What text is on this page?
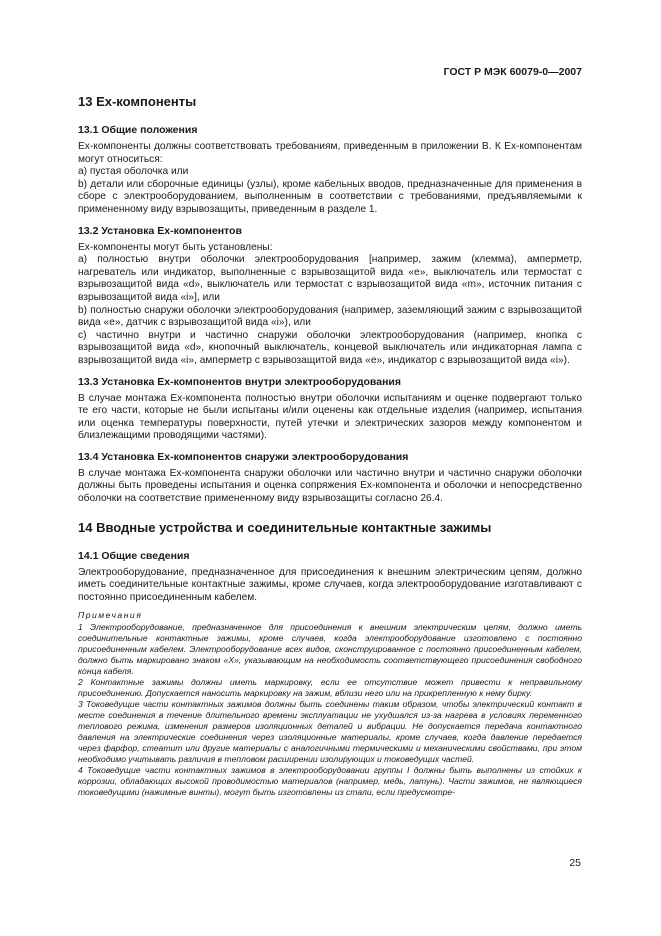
ГОСТ Р МЭК 60079-0—2007
13 Ех-компоненты
13.1 Общие положения

Ех-компоненты должны соответствовать требованиям, приведенным в приложении В. К Ех-компонентам могут относиться:

а) пустая оболочка или
b) детали или сборочные единицы (узлы), кроме кабельных вводов, предназначенные для применения в сборе с электрооборудованием, выполненным в соответствии с требованиями, предъявляемыми к примененному виду взрывозащиты, приведенным в разделе 1.
13.2 Установка Ех-компонентов

Ех-компоненты могут быть установлены:

а) полностью внутри оболочки электрооборудования [например, зажим (клемма), амперметр, нагреватель или индикатор, выполненные с взрывозащитой вида «е», выключатель или термостат с взрывозащитой вида «d», выключатель или термостат с взрывозащитой вида «m», источник питания с взрывозащитой вида «i»], или
b) полностью снаружи оболочки электрооборудования (например, заземляющий зажим с взрывозащитой вида «е», датчик с взрывозащитой вида «i»), или
с) частично внутри и частично снаружи оболочки электрооборудования (например, кнопка с взрывозащитой вида «d», кнопочный выключатель, концевой выключатель или индикаторная лампа с взрывозащитой вида «i», амперметр с взрывозащитой вида «е», индикатор с взрывозащитой вида «i»).
13.3 Установка Ех-компонентов внутри электрооборудования

В случае монтажа Ех-компонента полностью внутри оболочки испытаниям и оценке подвергают только те его части, которые не были испытаны и/или оценены как отдельные изделия (например, испытания или оценка температуры поверхности, путей утечки и электрических зазоров между компонентом и близлежащими проводящими частями).

13.4 Установка Ех-компонентов снаружи электрооборудования

В случае монтажа Ех-компонента снаружи оболочки или частично внутри и частично снаружи оболочки должны быть проведены испытания и оценка сопряжения Ех-компонента и оболочки и непосредственно оболочки на соответствие примененному виду взрывозащиты согласно 26.4.

14 Вводные устройства и соединительные контактные зажимы
14.1 Общие сведения

Электрооборудование, предназначенное для присоединения к внешним электрическим цепям, должно иметь соединительные контактные зажимы, кроме случаев, когда электрооборудование изготавливают с постоянно присоединенным кабелем.

Примечания
1 Электрооборудование, предназначенное для присоединения к внешним электрическим цепям, должно иметь соединительные контактные зажимы, кроме случаев, когда электрооборудование изготовлено с постоянно присоединенным кабелем. Электрооборудование всех видов, сконструированное с постоянно присоединенным кабелем, должно быть маркировано знаком «X», указывающим на необходимость соответствующего присоединения свободного конца кабеля.
2 Контактные зажимы должны иметь маркировку, если ее отсутствие может привести к неправильному присоединению. Допускается наносить маркировку на зажим, вблизи него или на прикрепленную к нему бирку.
3 Токоведущие части контактных зажимов должны быть соединены таким образом, чтобы электрический контакт в месте соединения в течение длительного времени эксплуатации не ухудшался из-за нагрева в условиях переменного теплового режима, изменения размеров изоляционных деталей и вибрации. Не допускается передача контактного давления на электрические соединения через изоляционные материалы, кроме случаев, когда давление передается через фарфор, стеатит или другие материалы с аналогичными термическими и механическими свойствами, при этом необходимо учитывать различия в тепловом расширении изолирующих и токоведущих частей.
4 Токоведущие части контактных зажимов в электрооборудовании группы I должны быть выполнены из стойких к коррозии, обладающих высокой проводимостью материалов (например, медь, латунь). Части зажимов, не являющиеся токоведущими (нажимные винты), могут быть изготовлены из стали, если предусмотре-
25
